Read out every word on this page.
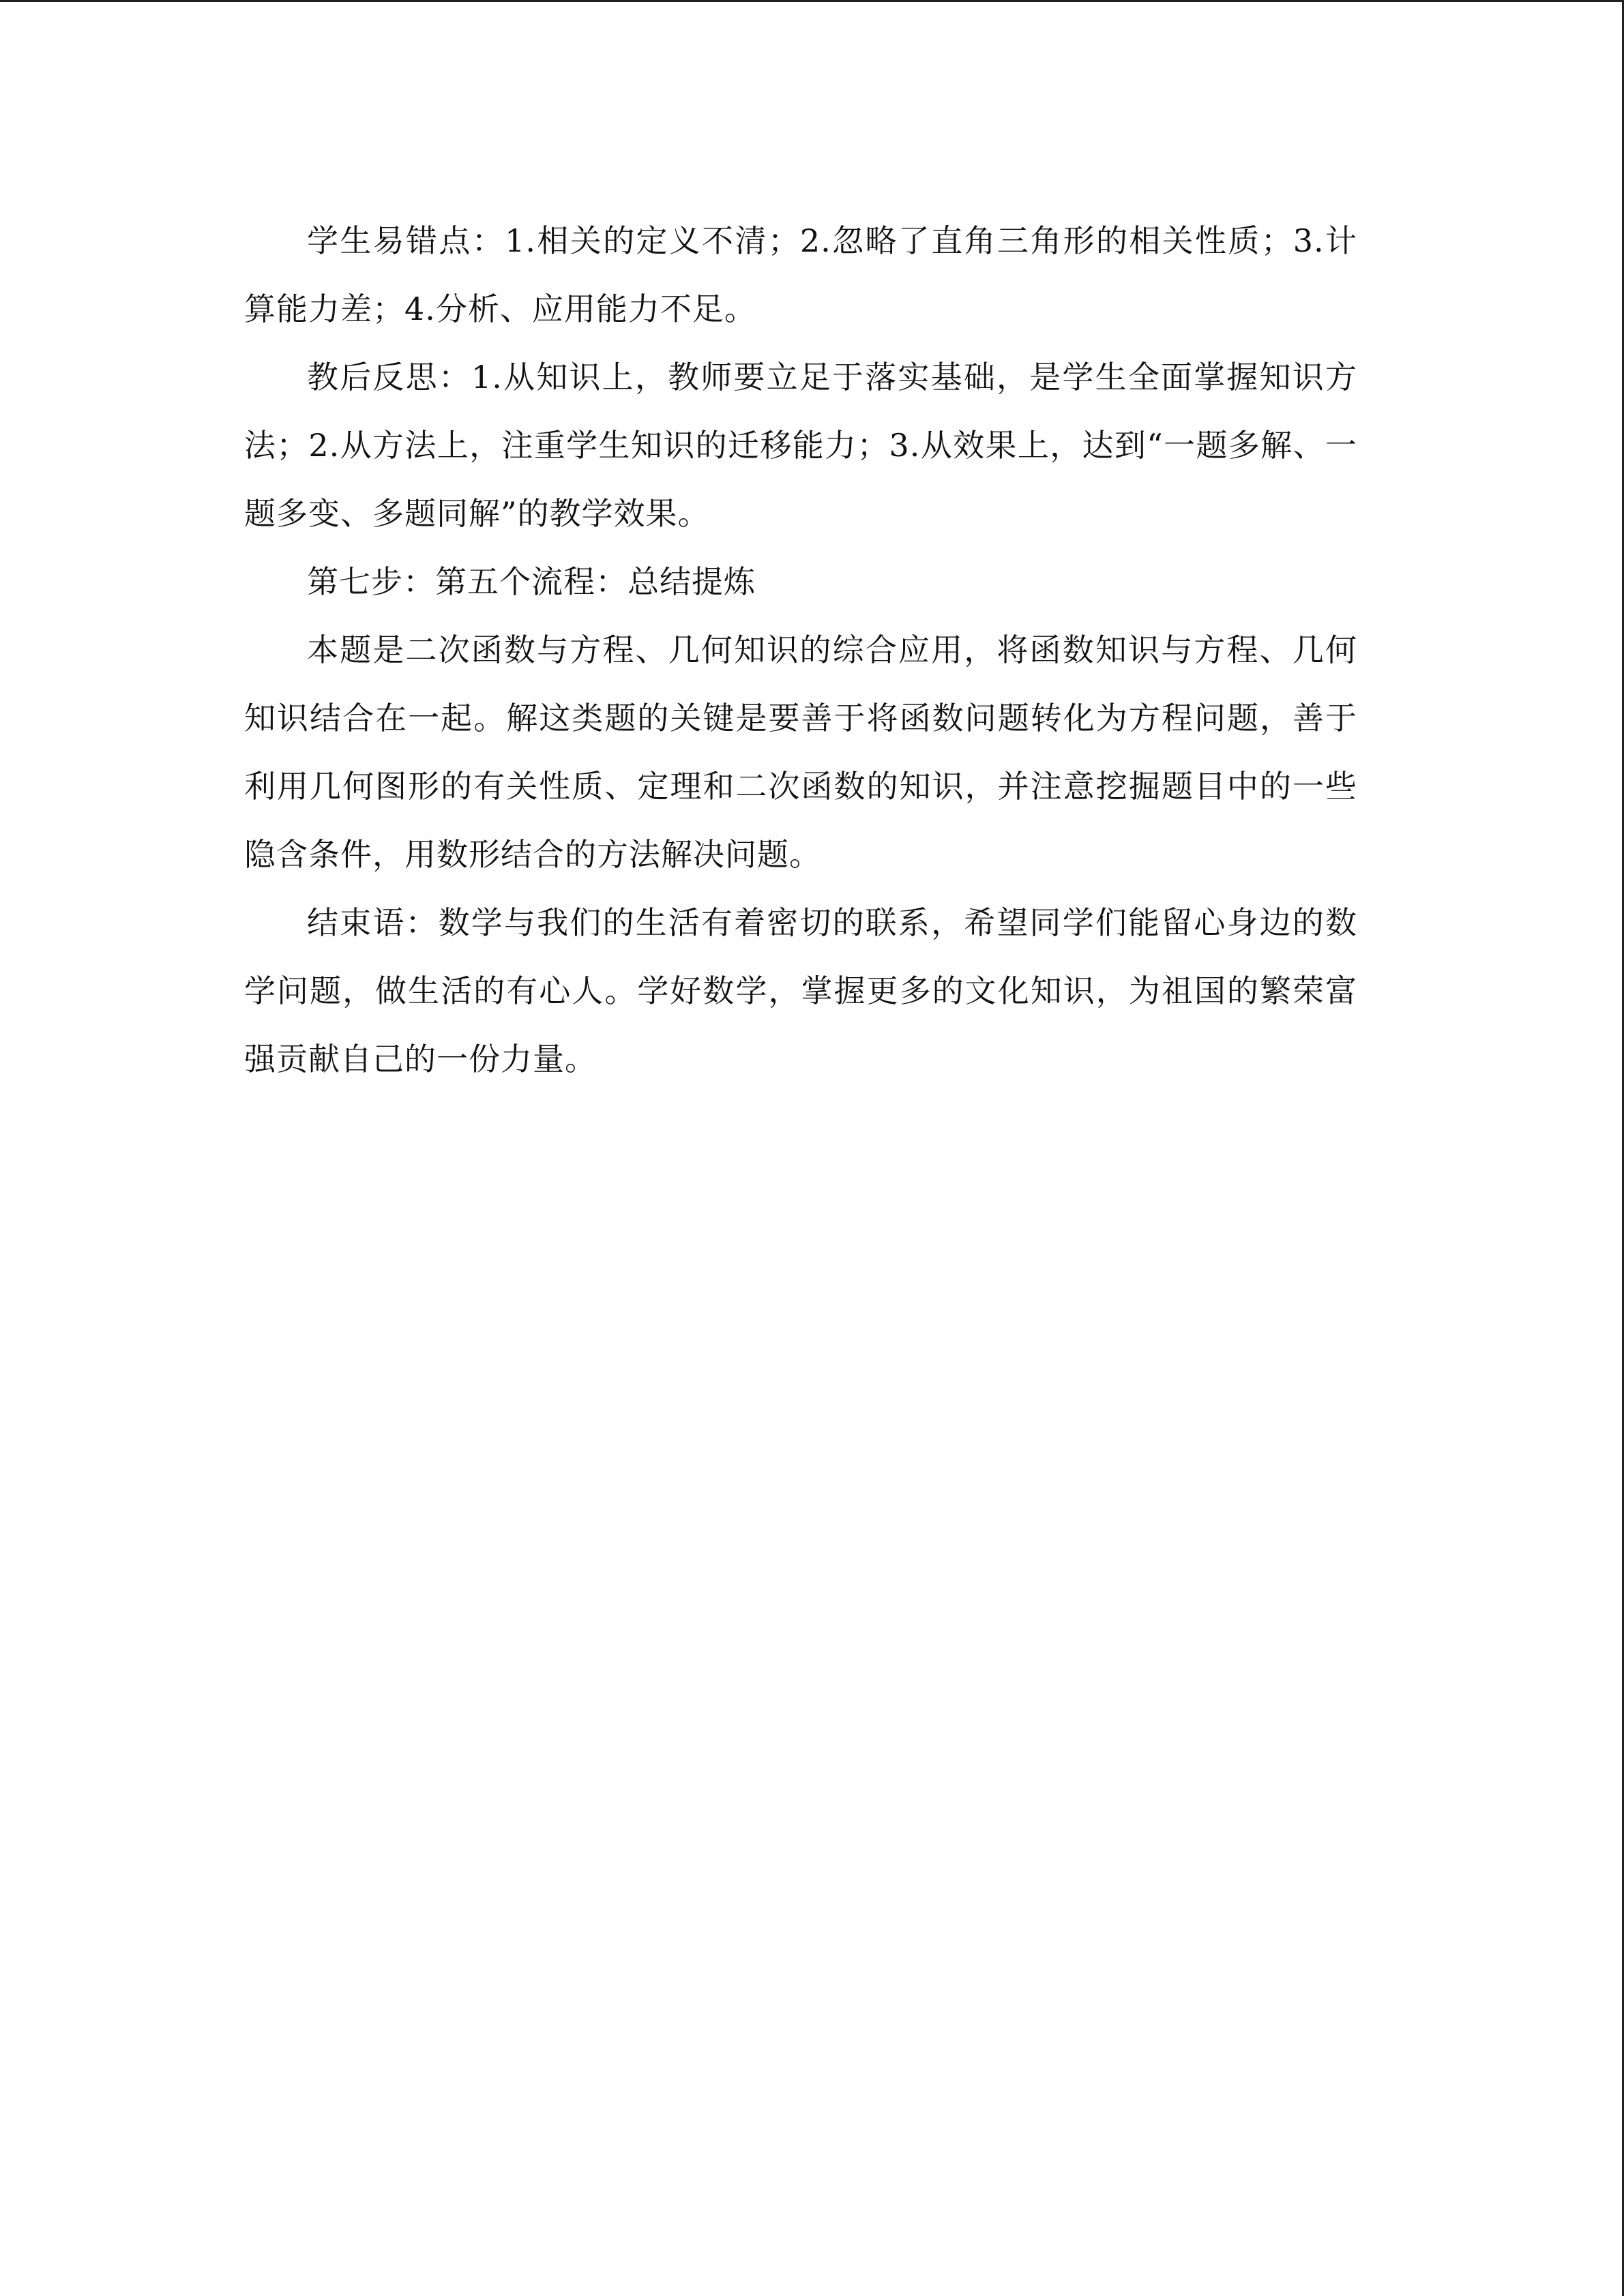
学生易错点：1.相关的定义不清；2.忽略了直角三角形的相关性质；3.计算能力差；4.分析、应用能力不足。

教后反思：1.从知识上，教师要立足于落实基础，是学生全面掌握知识方法；2.从方法上，注重学生知识的迁移能力；3.从效果上，达到“一题多解、一题多变、多题同解”的教学效果。

第七步：第五个流程：总结提炼

本题是二次函数与方程、几何知识的综合应用，将函数知识与方程、几何知识结合在一起。解这类题的关键是要善于将函数问题转化为方程问题，善于利用几何图形的有关性质、定理和二次函数的知识，并注意挖掘题目中的一些隐含条件，用数形结合的方法解决问题。

结束语：数学与我们的生活有着密切的联系，希望同学们能留心身边的数学问题，做生活的有心人。学好数学，掌握更多的文化知识，为祖国的繁荣富强贡献自己的一份力量。
